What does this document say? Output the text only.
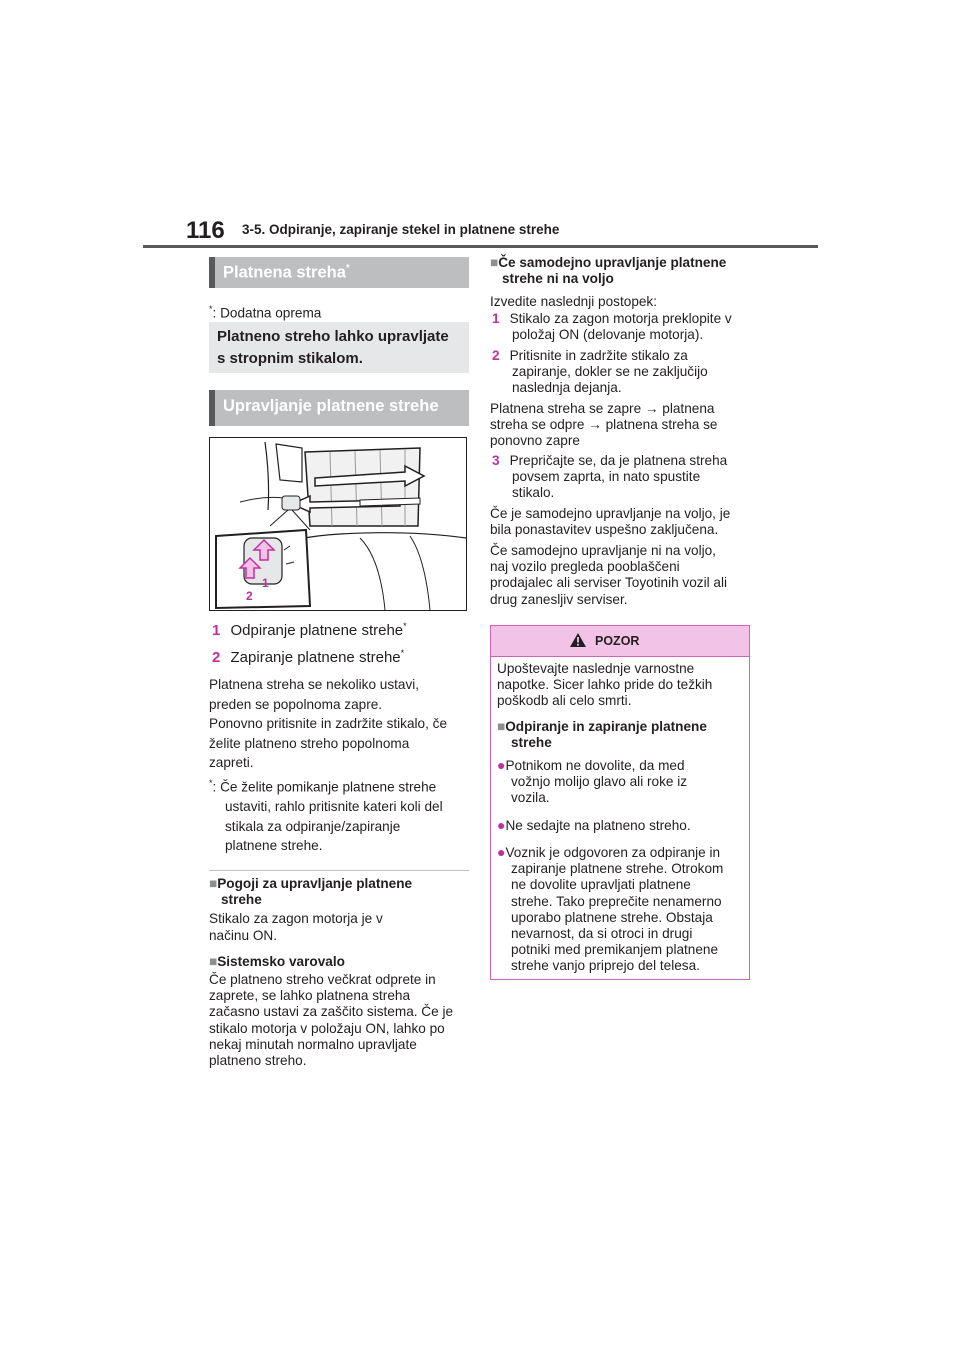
116 3-5. Odpiranje, zapiranje stekel in platnene strehe
Platnena streha*
*: Dodatna oprema
Platneno streho lahko upravljate s stropnim stikalom.
Upravljanje platnene strehe
1
2
1 Odpiranje platnene strehe*
2 Zapiranje platnene strehe*
Platnena streha se nekoliko ustavi,
preden se popolnoma zapre.
Ponovno pritisnite in zadržite stikalo, če
želite platneno streho popolnoma
zapreti.
*: Če želite pomikanje platnene strehe
ustaviti, rahlo pritisnite kateri koli del
stikala za odpiranje/zapiranje
platnene strehe.
■Pogoji za upravljanje platnene
strehe
Stikalo za zagon motorja je v
načinu ON.
■Sistemsko varovalo
Če platneno streho večkrat odprete in
zaprete, se lahko platnena streha
začasno ustavi za zaščito sistema. Če je
stikalo motorja v položaju ON, lahko po
nekaj minutah normalno upravljate
platneno streho.
■Če samodejno upravljanje platnene
strehe ni na voljo
Izvedite naslednji postopek:
1 Stikalo za zagon motorja preklopite v
položaj ON (delovanje motorja).
2 Pritisnite in zadržite stikalo za
zapiranje, dokler se ne zaključijo
naslednja dejanja.
Platnena streha se zapre → platnena
streha se odpre → platnena streha se
ponovno zapre
3 Prepričajte se, da je platnena streha
povsem zaprta, in nato spustite
stikalo.
Če je samodejno upravljanje na voljo, je
bila ponastavitev uspešno zaključena.
Če samodejno upravljanje ni na voljo,
naj vozilo pregleda pooblaščeni
prodajalec ali serviser Toyotinih vozil ali
drug zanesljiv serviser.
POZOR
Upoštevajte naslednje varnostne
napotke. Sicer lahko pride do težkih
poškodb ali celo smrti.
■Odpiranje in zapiranje platnene
strehe
●Potnikom ne dovolite, da med
vožnjo molijo glavo ali roke iz
vozila.
●Ne sedajte na platneno streho.
●Voznik je odgovoren za odpiranje in
zapiranje platnene strehe. Otrokom
ne dovolite upravljati platnene
strehe. Tako preprečite nenamerno
uporabo platnene strehe. Obstaja
nevarnost, da si otroci in drugi
potniki med premikanjem platnene
strehe vanjo priprejo del telesa.
